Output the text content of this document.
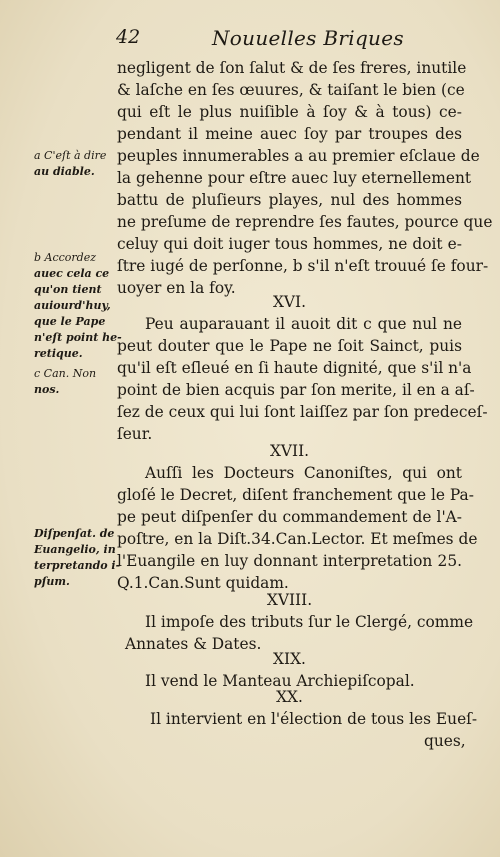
42	Nouuelles Briques
negligent de ſon ſalut & de ſes freres, inutile
& laſche en ſes œuures, & taiſant le bien (ce
qui eſt le plus nuiſible à ſoy & à tous) ce-
pendant il meine auec ſoy par troupes des
peuples innumerables a au premier eſclaue de
la gehenne pour eſtre auec luy eternellement
battu de pluſieurs playes, nul des hommes
ne preſume de reprendre ſes fautes, pource que
celuy qui doit iuger tous hommes, ne doit e-
ſtre iugé de perſonne, b s'il n'eſt trouué ſe four-
uoyer en la foy.
XVI.
Peu auparauant il auoit dit c que nul ne
peut douter que le Pape ne ſoit Sainct, puis
qu'il eſt eſleué en ſi haute dignité, que s'il n'a
point de bien acquis par ſon merite, il en a aſ-
ſez de ceux qui lui ſont laiſſez par ſon predeceſ-
ſeur.
XVII.
Auſſi les Docteurs Canoniſtes, qui ont
gloſé le Decret, diſent franchement que le Pa-
pe peut diſpenſer du commandement de l'A-
poſtre, en la Diſt.34.Can.Lector. Et meſmes de
l'Euangile en luy donnant interpretation 25.
Q.1.Can.Sunt quidam.
XVIII.
Il impoſe des tributs ſur le Clergé, comme
Annates & Dates.
XIX.
Il vend le Manteau Archiepiſcopal.
XX.
Il intervient en l'élection de tous les Eueſ-
ques,
a C'eſt à dire
au diable.
b Accordez
auec cela ce
qu'on tient
auiourd'huy,
que le Pape
n'eſt point he-
retique.
c Can. Non
nos.
Diſpenſat. de
Euangelio, in
terpretando i-
pſum.
